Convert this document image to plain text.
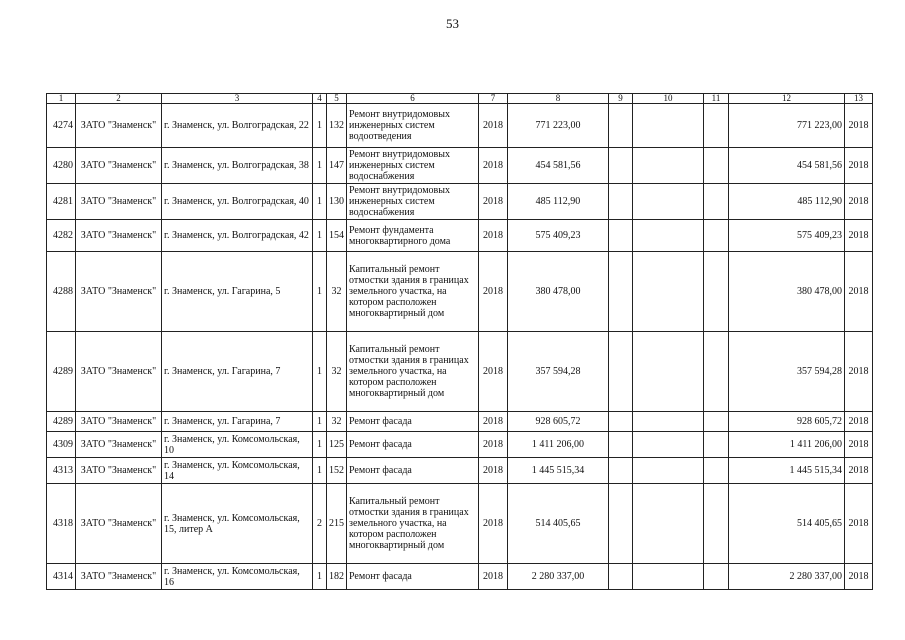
53
1	2	3	4	5	6	7	8	9	10	11	12	13
4274	ЗАТО "Знаменск"	г. Знаменск, ул. Волгоградская, 22	1	132	Ремонт внутридомовых инженерных систем водоотведения	2018	771 223,00				771 223,00	2018
4280	ЗАТО "Знаменск"	г. Знаменск, ул. Волгоградская, 38	1	147	Ремонт внутридомовых инженерных систем водоснабжения	2018	454 581,56				454 581,56	2018
4281	ЗАТО "Знаменск"	г. Знаменск, ул. Волгоградская, 40	1	130	Ремонт внутридомовых инженерных систем водоснабжения	2018	485 112,90				485 112,90	2018
4282	ЗАТО "Знаменск"	г. Знаменск, ул. Волгоградская, 42	1	154	Ремонт фундамента многоквартирного дома	2018	575 409,23				575 409,23	2018
4288	ЗАТО "Знаменск"	г. Знаменск, ул. Гагарина, 5	1	32	Капитальный ремонт отмостки здания в границах земельного участка, на котором расположен многоквартирный дом	2018	380 478,00				380 478,00	2018
4289	ЗАТО "Знаменск"	г. Знаменск, ул. Гагарина, 7	1	32	Капитальный ремонт отмостки здания в границах земельного участка, на котором расположен многоквартирный дом	2018	357 594,28				357 594,28	2018
4289	ЗАТО "Знаменск"	г. Знаменск, ул. Гагарина, 7	1	32	Ремонт фасада	2018	928 605,72				928 605,72	2018
4309	ЗАТО "Знаменск"	г. Знаменск, ул. Комсомольская, 10	1	125	Ремонт фасада	2018	1 411 206,00				1 411 206,00	2018
4313	ЗАТО "Знаменск"	г. Знаменск, ул. Комсомольская, 14	1	152	Ремонт фасада	2018	1 445 515,34				1 445 515,34	2018
4318	ЗАТО "Знаменск"	г. Знаменск, ул. Комсомольская, 15, литер А	2	215	Капитальный ремонт отмостки здания в границах земельного участка, на котором расположен многоквартирный дом	2018	514 405,65				514 405,65	2018
4314	ЗАТО "Знаменск"	г. Знаменск, ул. Комсомольская, 16	1	182	Ремонт фасада	2018	2 280 337,00				2 280 337,00	2018
